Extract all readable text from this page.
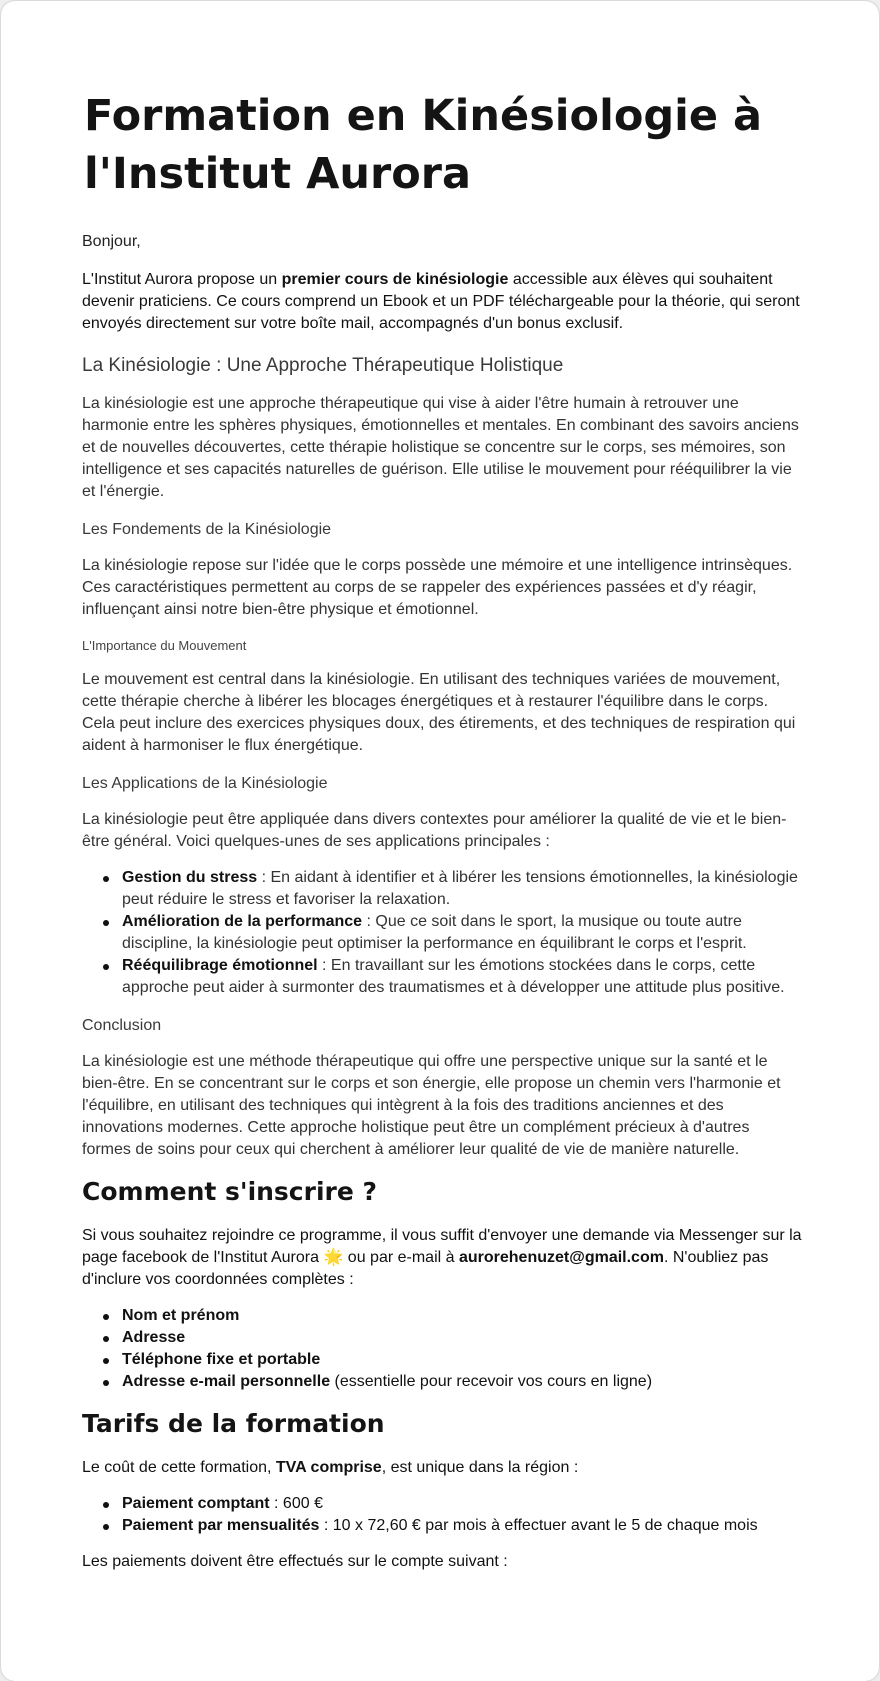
Formation en Kinésiologie à l'Institut Aurora

Bonjour,

L'Institut Aurora propose un premier cours de kinésiologie accessible aux élèves qui souhaitent devenir praticiens. Ce cours comprend un Ebook et un PDF téléchargeable pour la théorie, qui seront envoyés directement sur votre boîte mail, accompagnés d'un bonus exclusif.

La Kinésiologie : Une Approche Thérapeutique Holistique

La kinésiologie est une approche thérapeutique qui vise à aider l'être humain à retrouver une harmonie entre les sphères physiques, émotionnelles et mentales. En combinant des savoirs anciens et de nouvelles découvertes, cette thérapie holistique se concentre sur le corps, ses mémoires, son intelligence et ses capacités naturelles de guérison. Elle utilise le mouvement pour rééquilibrer la vie et l'énergie.

Les Fondements de la Kinésiologie

La kinésiologie repose sur l'idée que le corps possède une mémoire et une intelligence intrinsèques. Ces caractéristiques permettent au corps de se rappeler des expériences passées et d'y réagir, influençant ainsi notre bien-être physique et émotionnel.

L'Importance du Mouvement

Le mouvement est central dans la kinésiologie. En utilisant des techniques variées de mouvement, cette thérapie cherche à libérer les blocages énergétiques et à restaurer l'équilibre dans le corps. Cela peut inclure des exercices physiques doux, des étirements, et des techniques de respiration qui aident à harmoniser le flux énergétique.

Les Applications de la Kinésiologie

La kinésiologie peut être appliquée dans divers contextes pour améliorer la qualité de vie et le bien-être général. Voici quelques-unes de ses applications principales :

Gestion du stress : En aidant à identifier et à libérer les tensions émotionnelles, la kinésiologie peut réduire le stress et favoriser la relaxation.
Amélioration de la performance : Que ce soit dans le sport, la musique ou toute autre discipline, la kinésiologie peut optimiser la performance en équilibrant le corps et l'esprit.
Rééquilibrage émotionnel : En travaillant sur les émotions stockées dans le corps, cette approche peut aider à surmonter des traumatismes et à développer une attitude plus positive.
Conclusion

La kinésiologie est une méthode thérapeutique qui offre une perspective unique sur la santé et le bien-être. En se concentrant sur le corps et son énergie, elle propose un chemin vers l'harmonie et l'équilibre, en utilisant des techniques qui intègrent à la fois des traditions anciennes et des innovations modernes. Cette approche holistique peut être un complément précieux à d'autres formes de soins pour ceux qui cherchent à améliorer leur qualité de vie de manière naturelle.

Comment s'inscrire ?

Si vous souhaitez rejoindre ce programme, il vous suffit d'envoyer une demande via Messenger sur la page facebook de l'Institut Aurora 🌟 ou par e-mail à aurorehenuzet@gmail.com. N'oubliez pas d'inclure vos coordonnées complètes :

Nom et prénom
Adresse
Téléphone fixe et portable
Adresse e-mail personnelle (essentielle pour recevoir vos cours en ligne)
Tarifs de la formation

Le coût de cette formation, TVA comprise, est unique dans la région :

Paiement comptant : 600 €
Paiement par mensualités : 10 x 72,60 € par mois à effectuer avant le 5 de chaque mois

Les paiements doivent être effectués sur le compte suivant :
